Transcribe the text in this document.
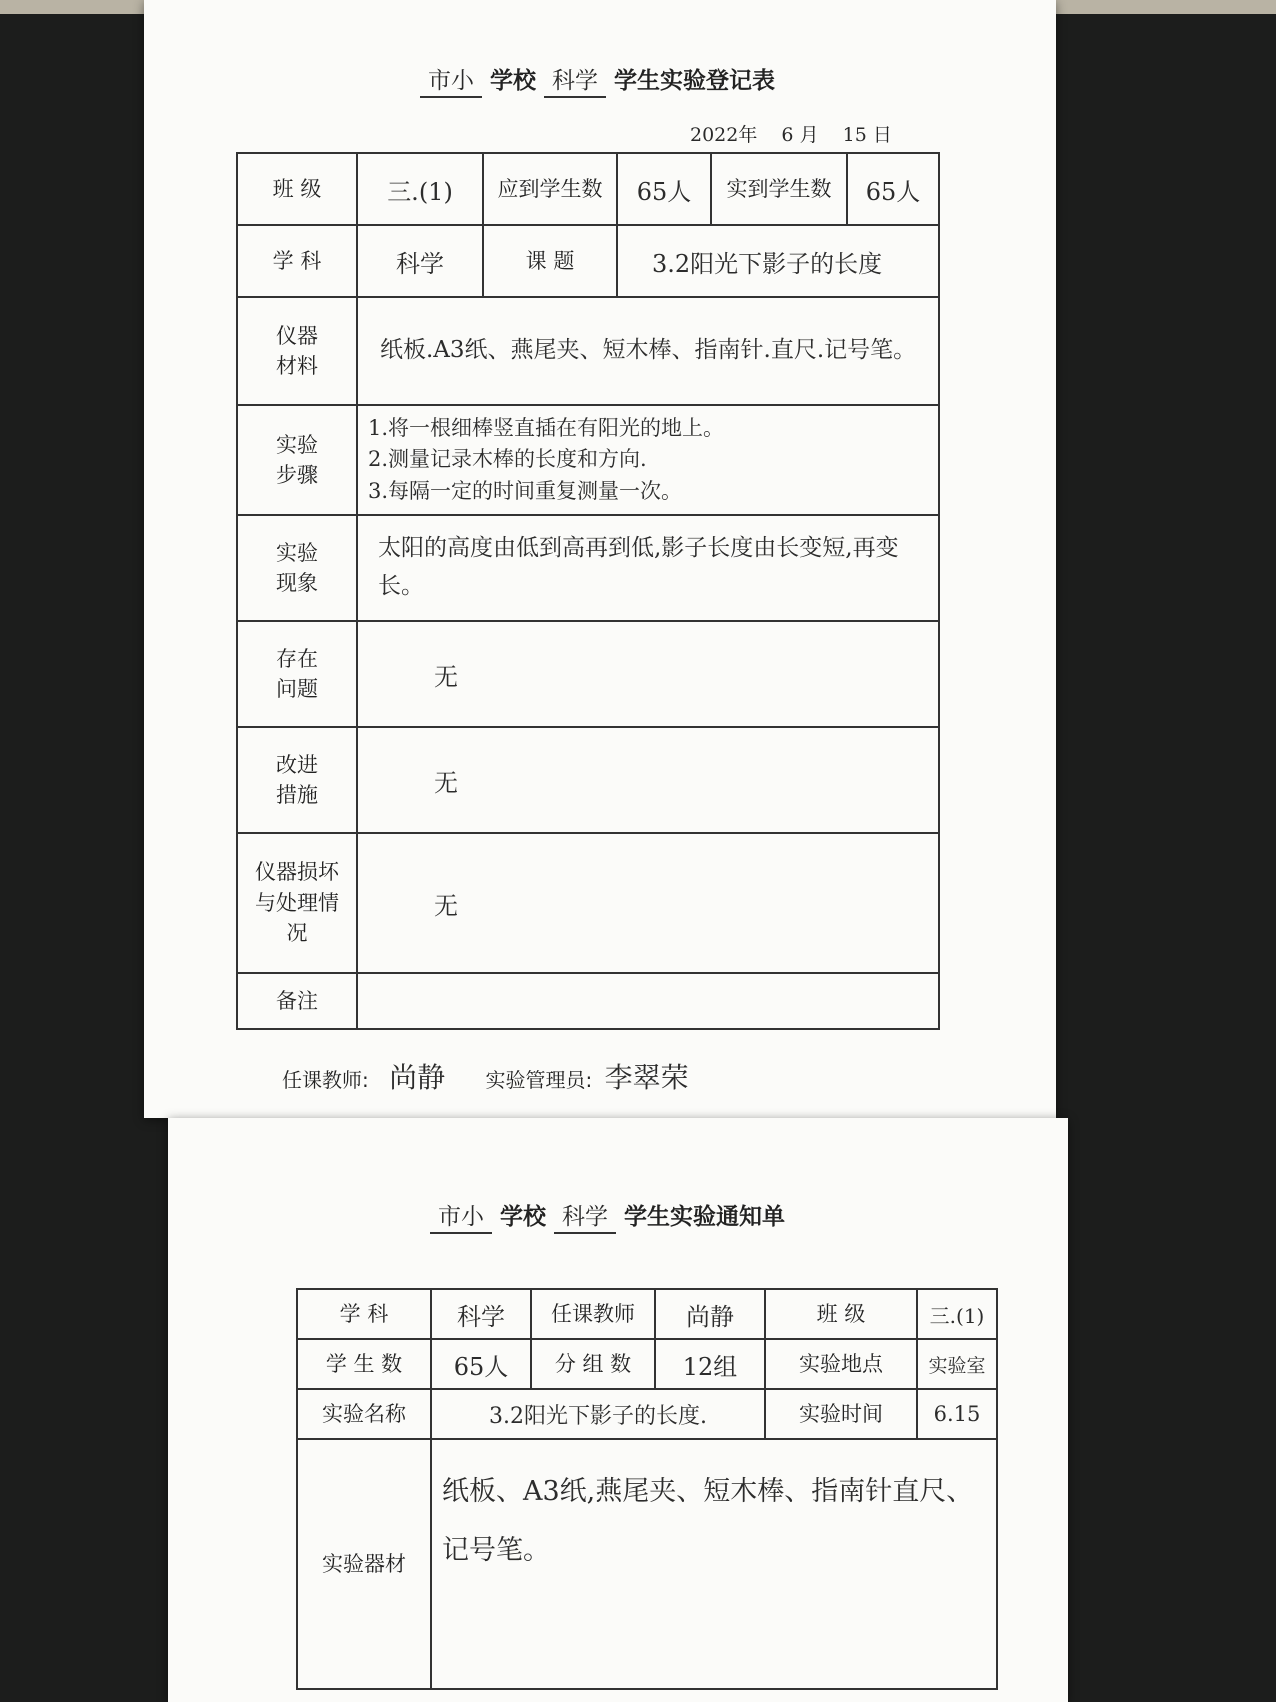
市小 学校 科学 学生实验登记表
2022年 6 月 15 日
班 级	三.(1)	应到学生数	65人	实到学生数	65人
学 科	科学	课 题	3.2阳光下影子的长度		
仪器材料	纸板.A3纸、燕尾夹、短木棒、指南针.直尺.记号笔。				
实验步骤	1.将一根细棒竖直插在有阳光的地上。
2.测量记录木棒的长度和方向.
3.每隔一定的时间重复测量一次。				

实验现象	太阳的高度由低到高再到低,影子长度由长变短,再变长。				
存在问题	无				
改进措施	无				
仪器损坏与处理情况	无				
备注					
任课教师: 尚静 实验管理员: 李翠荣
市小 学校 科学 学生实验通知单
学 科	科学	任课教师	尚静	班 级	三.(1)
学 生 数	65人	分 组 数	12组	实验地点	实验室
实验名称	3.2阳光下影子的长度.			实验时间	6.15
实验器材	纸板、A3纸,燕尾夹、短木棒、指南针直尺、记号笔。				
